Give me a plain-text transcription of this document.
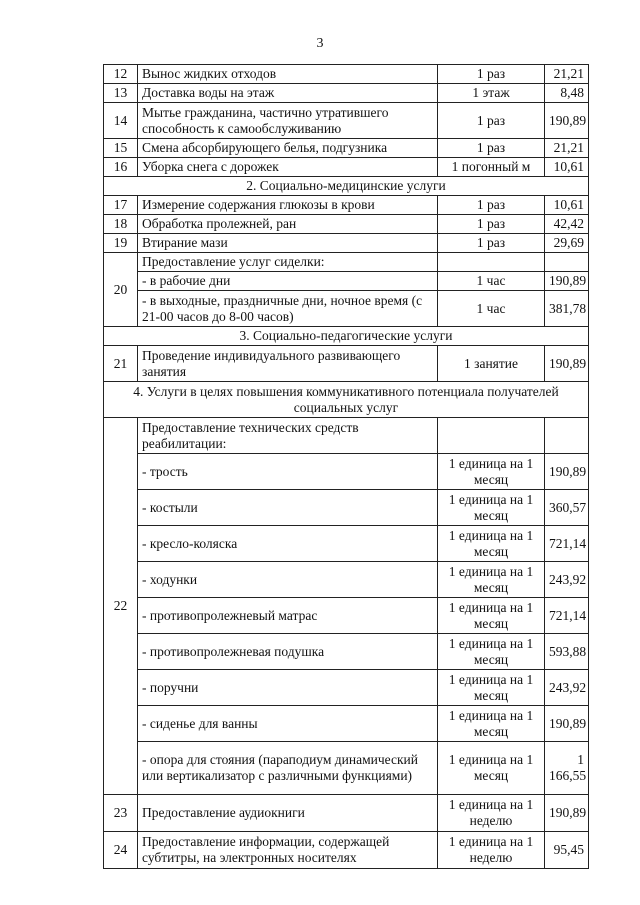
3
12	Вынос жидких отходов	1 раз	21,21
13	Доставка воды на этаж	1 этаж	8,48
14	Мытье гражданина, частично утратившего способность к самообслуживанию	1 раз	190,89
15	Смена абсорбирующего белья, подгузника	1 раз	21,21
16	Уборка снега с дорожек	1 погонный м	10,61
2. Социально-медицинские услуги			
17	Измерение содержания глюкозы в крови	1 раз	10,61
18	Обработка пролежней, ран	1 раз	42,42
19	Втирание мази	1 раз	29,69
20	Предоставление услуг сиделки:		
	- в рабочие дни	1 час	190,89
	- в выходные, праздничные дни, ночное время (с 21-00 часов до 8-00 часов)	1 час	381,78
3. Социально-педагогические услуги			
21	Проведение индивидуального развивающего занятия	1 занятие	190,89
4. Услуги в целях повышения коммуникативного потенциала получателей социальных услуг			
22	Предоставление технических средств реабилитации:		
	- трость	1 единица на 1 месяц	190,89
	- костыли	1 единица на 1 месяц	360,57
	- кресло-коляска	1 единица на 1 месяц	721,14
	- ходунки	1 единица на 1 месяц	243,92
	- противопролежневый матрас	1 единица на 1 месяц	721,14
	- противопролежневая подушка	1 единица на 1 месяц	593,88
	- поручни	1 единица на 1 месяц	243,92
	- сиденье для ванны	1 единица на 1 месяц	190,89
	- опора для стояния (параподиум динамический или вертикализатор с различными функциями)	1 единица на 1 месяц	1 166,55
23	Предоставление аудиокниги	1 единица на 1 неделю	190,89
24	Предоставление информации, содержащей субтитры, на электронных носителях	1 единица на 1 неделю	95,45
